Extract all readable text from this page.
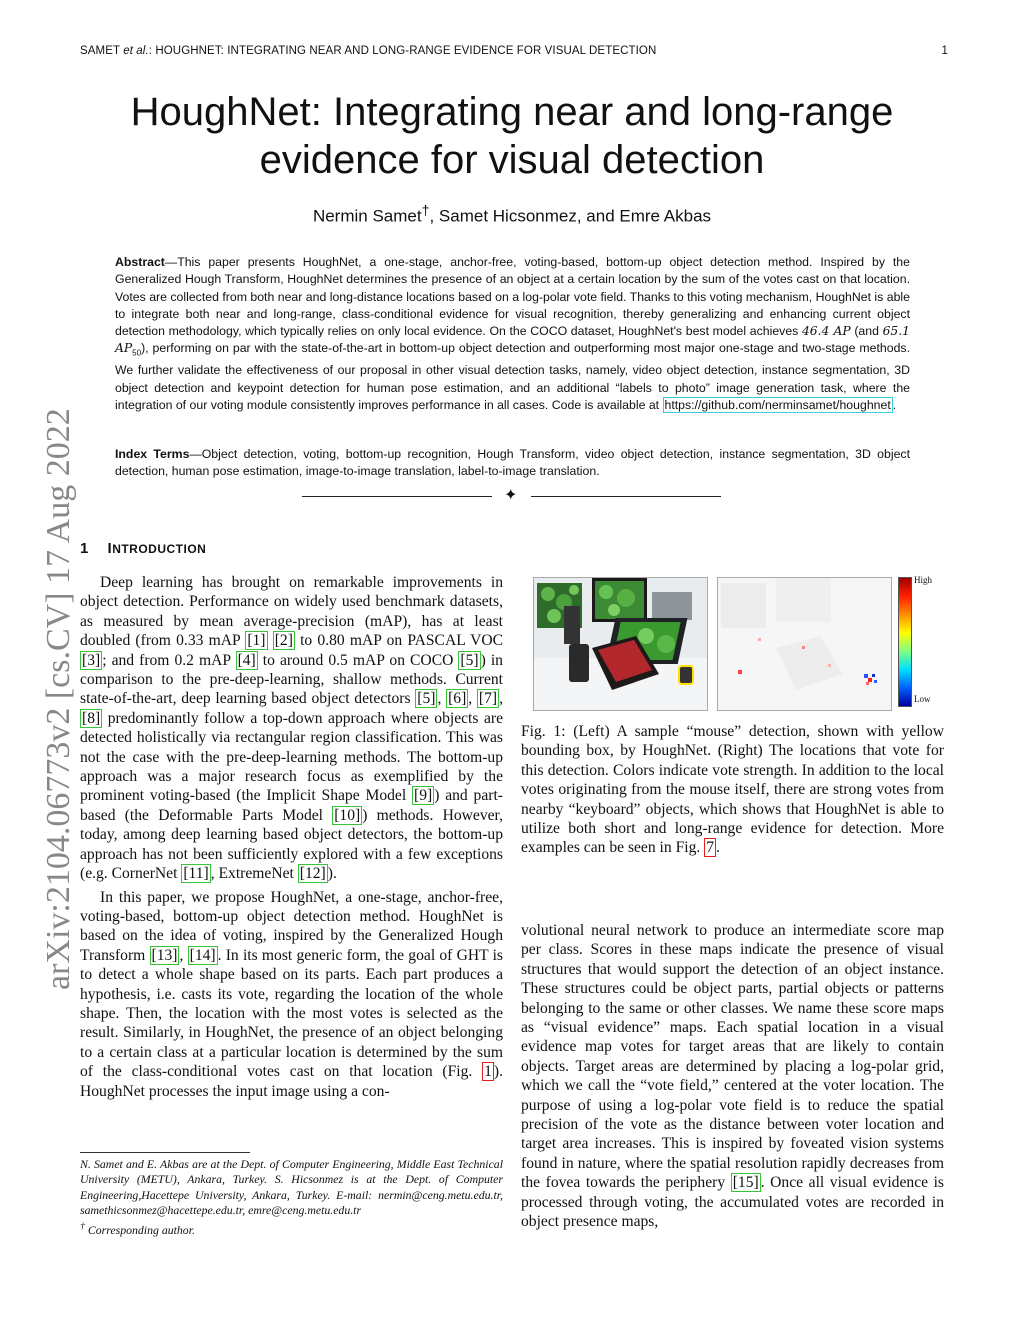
SAMET et al.: HOUGHNET: INTEGRATING NEAR AND LONG-RANGE EVIDENCE FOR VISUAL DETECTION	1
HoughNet: Integrating near and long-range
evidence for visual detection
Nermin Samet†, Samet Hicsonmez, and Emre Akbas
Abstract—This paper presents HoughNet, a one-stage, anchor-free, voting-based, bottom-up object detection method. Inspired by the Generalized Hough Transform, HoughNet determines the presence of an object at a certain location by the sum of the votes cast on that location. Votes are collected from both near and long-distance locations based on a log-polar vote field. Thanks to this voting mechanism, HoughNet is able to integrate both near and long-range, class-conditional evidence for visual recognition, thereby generalizing and enhancing current object detection methodology, which typically relies on only local evidence. On the COCO dataset, HoughNet's best model achieves 46.4 AP (and 65.1 $AP_{50}$), performing on par with the state-of-the-art in bottom-up object detection and outperforming most major one-stage and two-stage methods. We further validate the effectiveness of our proposal in other visual detection tasks, namely, video object detection, instance segmentation, 3D object detection and keypoint detection for human pose estimation, and an additional “labels to photo” image generation task, where the integration of our voting module consistently improves performance in all cases. Code is available at https://github.com/nerminsamet/houghnet .
Index Terms—Object detection, voting, bottom-up recognition, Hough Transform, video object detection, instance segmentation, 3D object detection, human pose estimation, image-to-image translation, label-to-image translation.
✦
1 INTRODUCTION

Deep learning has brought on remarkable improvements in object detection. Performance on widely used benchmark datasets, as measured by mean average-precision (mAP), has at least doubled (from 0.33 mAP [1] [2] to 0.80 mAP on PASCAL VOC [3] ; and from 0.2 mAP [4] to around 0.5 mAP on COCO [5] ) in comparison to the pre-deep-learning, shallow methods. Current state-of-the-art, deep learning based object detectors [5] , [6] , [7] , [8] predominantly follow a top-down approach where objects are detected holistically via rectangular region classification. This was not the case with the pre-deep-learning methods. The bottom-up approach was a major research focus as exemplified by the prominent voting-based (the Implicit Shape Model [9] ) and part-based (the Deformable Parts Model [10] ) methods. However, today, among deep learning based object detectors, the bottom-up approach has not been sufficiently explored with a few exceptions (e.g. CornerNet [11] , ExtremeNet [12] ).

In this paper, we propose HoughNet, a one-stage, anchor-free, voting-based, bottom-up object detection method. HoughNet is based on the idea of voting, inspired by the Generalized Hough Transform [13] , [14] . In its most generic form, the goal of GHT is to detect a whole shape based on its parts. Each part produces a hypothesis, i.e. casts its vote, regarding the location of the whole shape. Then, the location with the most votes is selected as the result. Similarly, in HoughNet, the presence of an object belonging to a certain class at a particular location is determined by the sum of the class-conditional votes cast on that location (Fig. 1 ). HoughNet processes the input image using a con-

N. Samet and E. Akbas are at the Dept. of Computer Engineering, Middle East Technical University (METU), Ankara, Turkey. S. Hicsonmez is at the Dept. of Computer Engineering,Hacettepe University, Ankara, Turkey. E-mail: nermin@ceng.metu.edu.tr, samethicsonmez@hacettepe.edu.tr, emre@ceng.metu.edu.tr
† Corresponding author.
High
Low
Fig. 1: (Left) A sample “mouse” detection, shown with yellow bounding box, by HoughNet. (Right) The locations that vote for this detection. Colors indicate vote strength. In addition to the local votes originating from the mouse itself, there are strong votes from nearby “keyboard” objects, which shows that HoughNet is able to utilize both short and long-range evidence for detection. More examples can be seen in Fig. 7 .

volutional neural network to produce an intermediate score map per class. Scores in these maps indicate the presence of visual structures that would support the detection of an object instance. These structures could be object parts, partial objects or patterns belonging to the same or other classes. We name these score maps as “visual evidence” maps. Each spatial location in a visual evidence map votes for target areas that are likely to contain objects. Target areas are determined by placing a log-polar grid, which we call the “vote field,” centered at the voter location. The purpose of using a log-polar vote field is to reduce the spatial precision of the vote as the distance between voter location and target area increases. This is inspired by foveated vision systems found in nature, where the spatial resolution rapidly decreases from the fovea towards the periphery [15] . Once all visual evidence is processed through voting, the accumulated votes are recorded in object presence maps,

arXiv:2104.06773v2 [cs.CV] 17 Aug 2022
